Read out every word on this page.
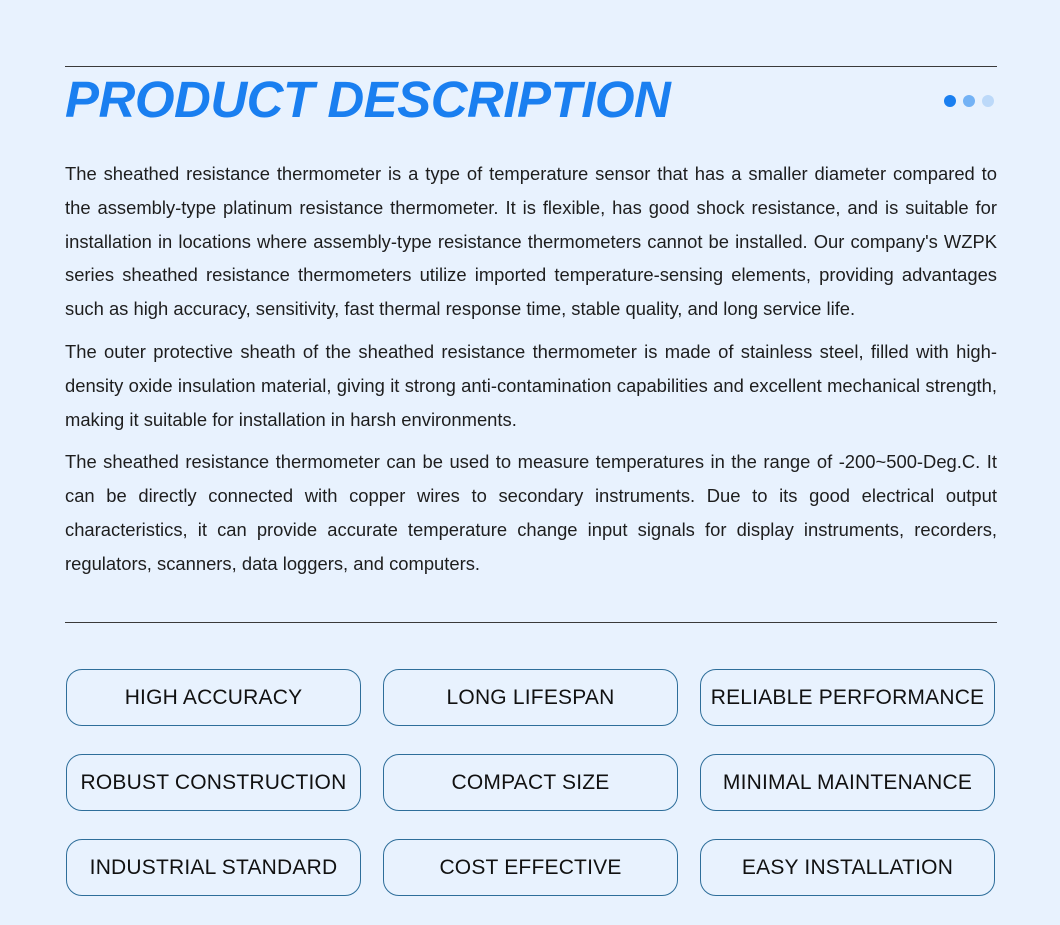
PRODUCT DESCRIPTION

The sheathed resistance thermometer is a type of temperature sensor that has a smaller diameter compared to the assembly-type platinum resistance thermometer. It is flexible, has good shock resistance, and is suitable for installation in locations where assembly-type resistance thermometers cannot be installed. Our company's WZPK series sheathed resistance thermometers utilize imported temperature-sensing elements, providing advantages such as high accuracy, sensitivity, fast thermal response time, stable quality, and long service life.

The outer protective sheath of the sheathed resistance thermometer is made of stainless steel, filled with high-density oxide insulation material, giving it strong anti-contamination capabilities and excellent mechanical strength, making it suitable for installation in harsh environments.

The sheathed resistance thermometer can be used to measure temperatures in the range of -200~500-Deg.C. It can be directly connected with copper wires to secondary instruments. Due to its good electrical output characteristics, it can provide accurate temperature change input signals for display instruments, recorders, regulators, scanners, data loggers, and computers.

HIGH ACCURACY	LONG LIFESPAN	RELIABLE PERFORMANCE
ROBUST CONSTRUCTION	COMPACT SIZE	MINIMAL MAINTENANCE
INDUSTRIAL STANDARD	COST EFFECTIVE	EASY INSTALLATION
